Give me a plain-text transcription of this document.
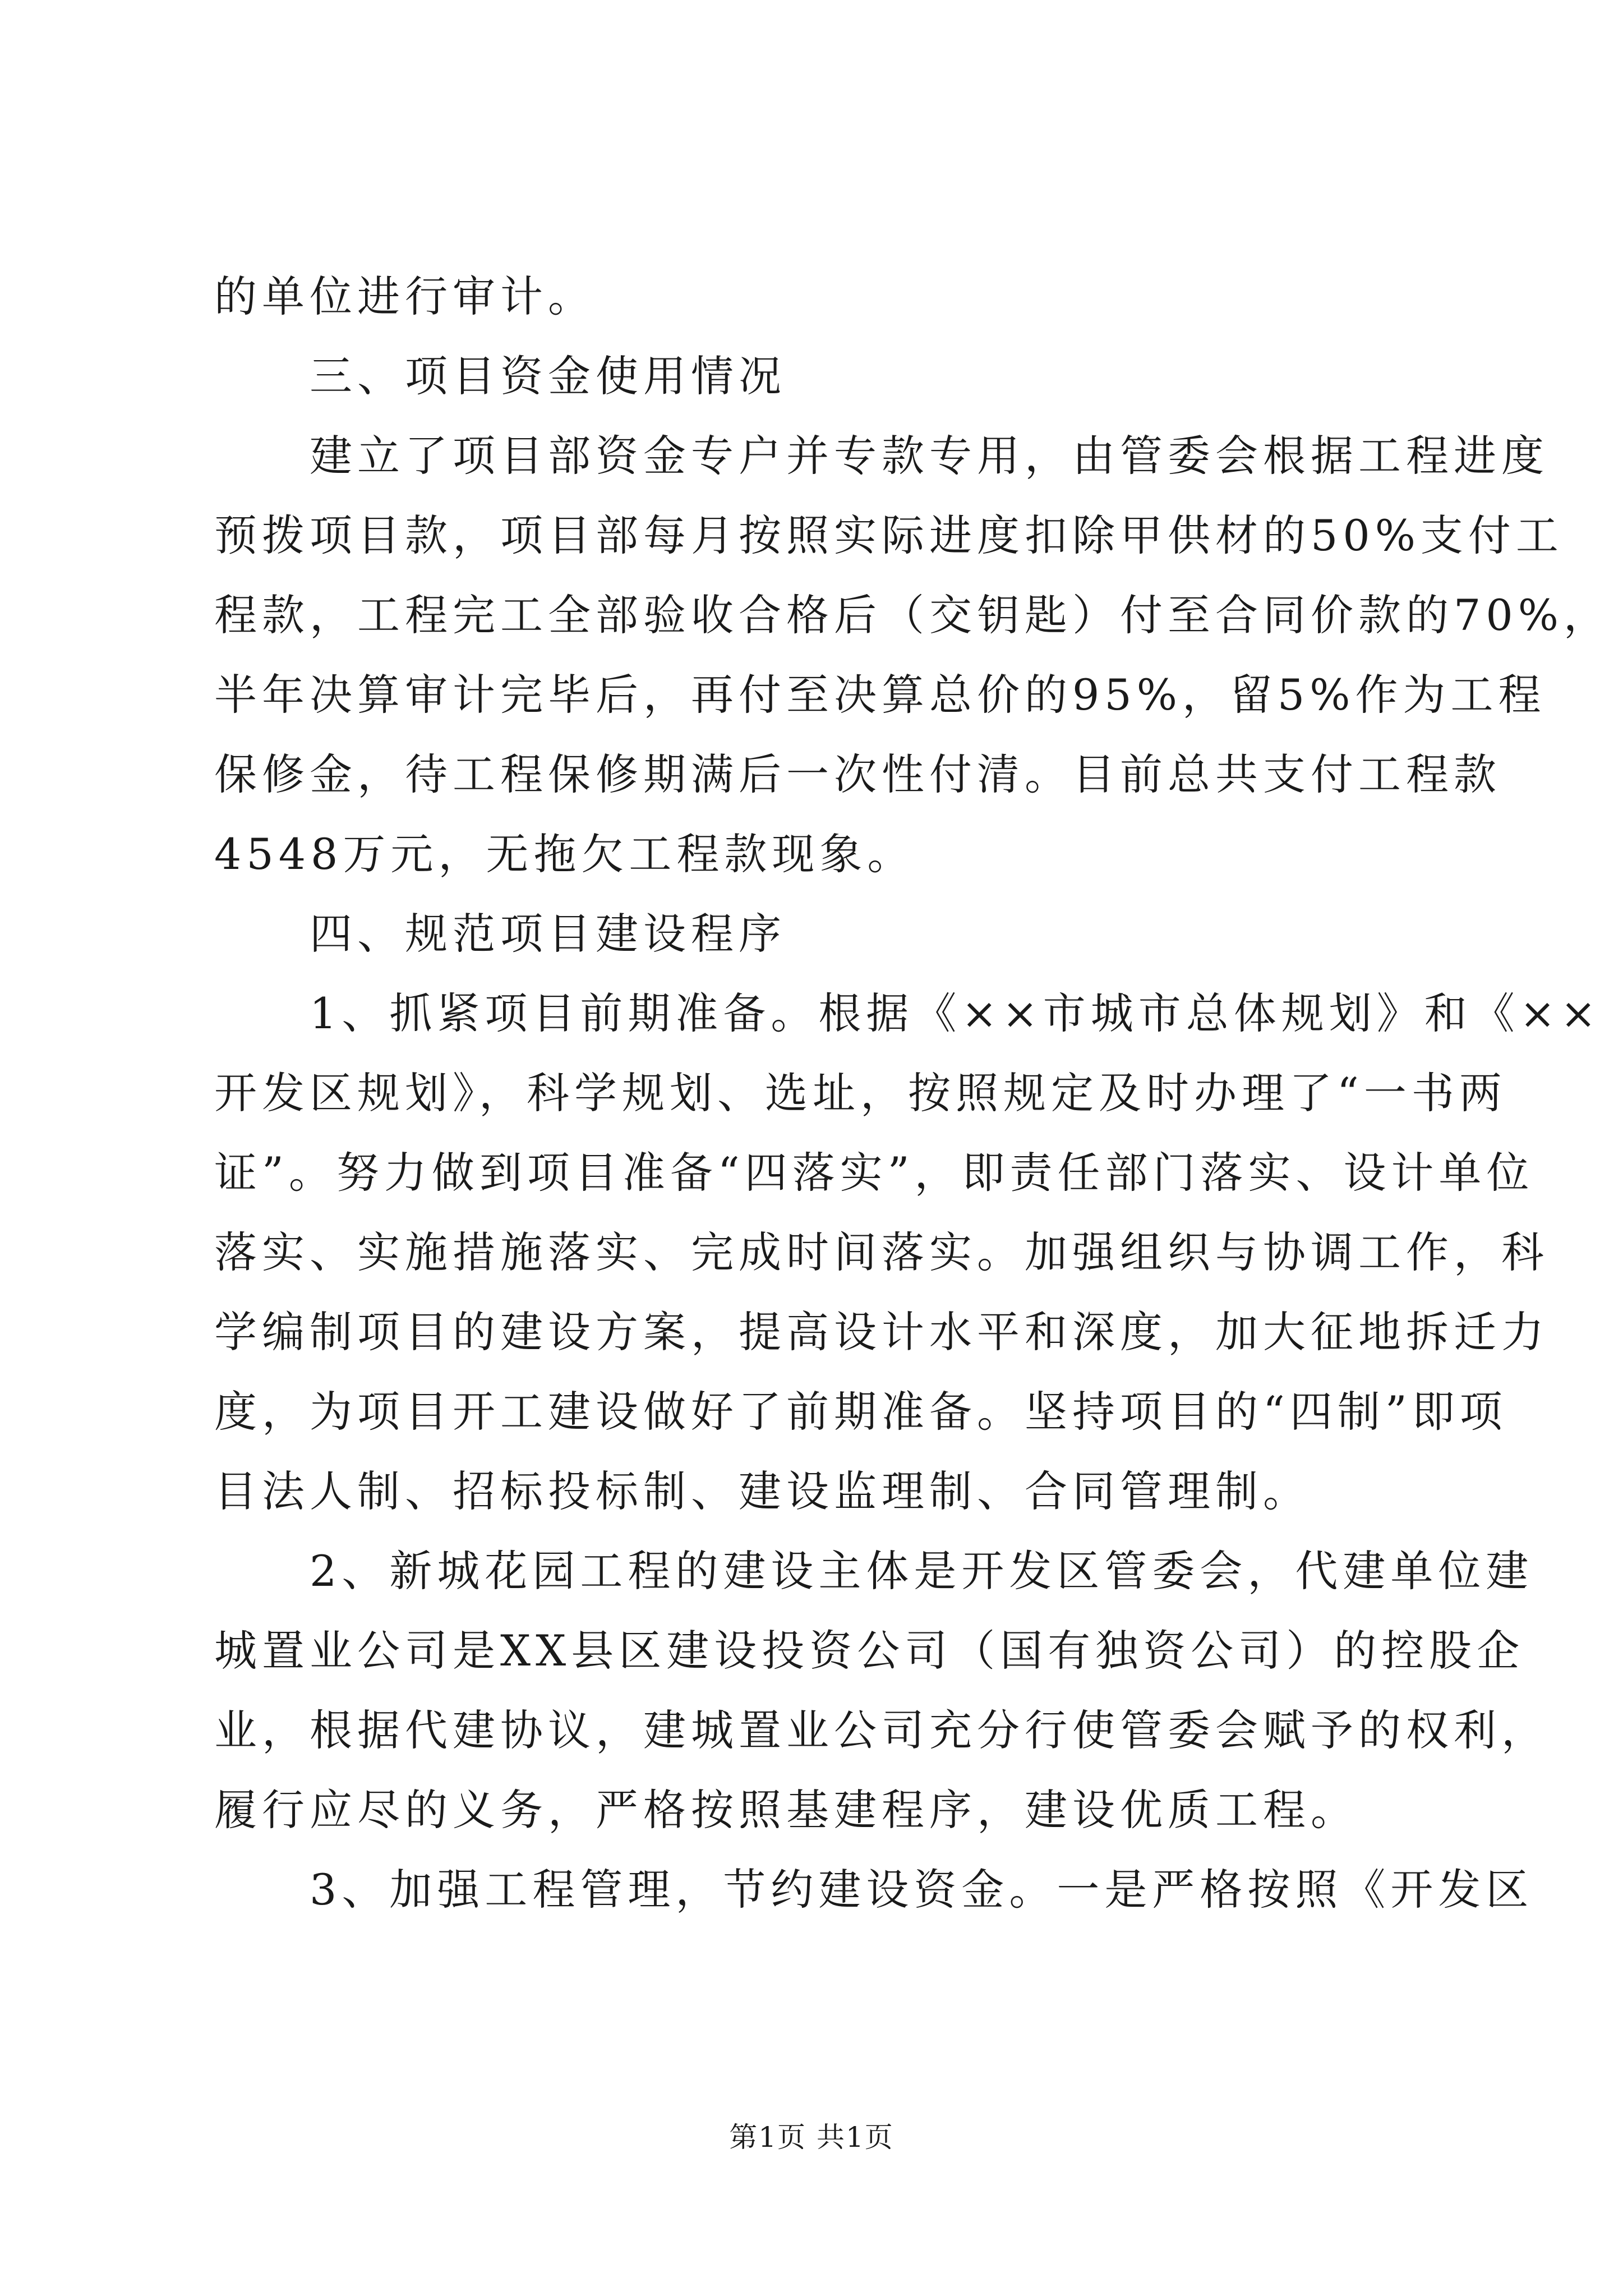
的单位进行审计。
三、项目资金使用情况
建立了项目部资金专户并专款专用，由管委会根据工程进度
预拨项目款，项目部每月按照实际进度扣除甲供材的50%支付工
程款，工程完工全部验收合格后（交钥匙）付至合同价款的70%，
半年决算审计完毕后，再付至决算总价的95%，留5%作为工程
保修金，待工程保修期满后一次性付清。目前总共支付工程款
4548万元，无拖欠工程款现象。
四、规范项目建设程序
1、抓紧项目前期准备。根据《××市城市总体规划》和《××
开发区规划》，科学规划、选址，按照规定及时办理了“一书两
证”。努力做到项目准备“四落实”，即责任部门落实、设计单位
落实、实施措施落实、完成时间落实。加强组织与协调工作，科
学编制项目的建设方案，提高设计水平和深度，加大征地拆迁力
度，为项目开工建设做好了前期准备。坚持项目的“四制”即项
目法人制、招标投标制、建设监理制、合同管理制。
2、新城花园工程的建设主体是开发区管委会，代建单位建
城置业公司是XX县区建设投资公司（国有独资公司）的控股企
业，根据代建协议，建城置业公司充分行使管委会赋予的权利，
履行应尽的义务，严格按照基建程序，建设优质工程。
3、加强工程管理，节约建设资金。一是严格按照《开发区
第1页 共1页
